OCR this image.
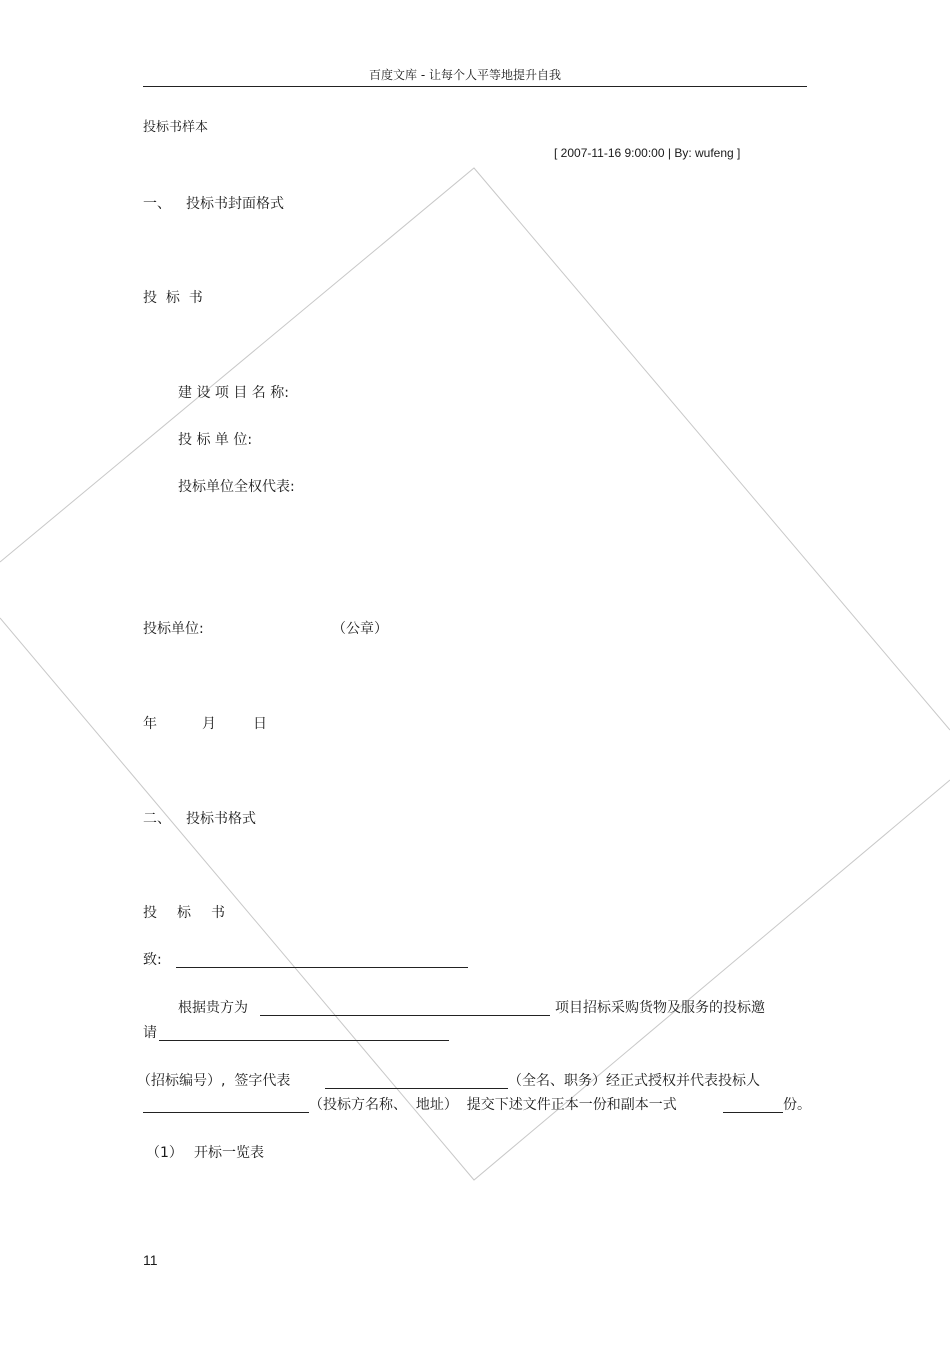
百度文库 - 让每个人平等地提升自我
投标书样本
[ 2007-11-16 9:00:00 | By: wufeng ]
一、 投标书封面格式
投  标  书
建 设 项 目 名 称:
投 标 单 位:
投标单位全权代表:
投标单位:	（公章）
年	月	日
二、 投标书格式
投 标 书
致:
根据贵方为	项目招标采购货物及服务的投标邀
请
（招标编号）,  签字代表	（全名、职务）经正式授权并代表投标人
（投标方名称、  地址）  提交下述文件正本一份和副本一式	份。
（1） 开标一览表
11
